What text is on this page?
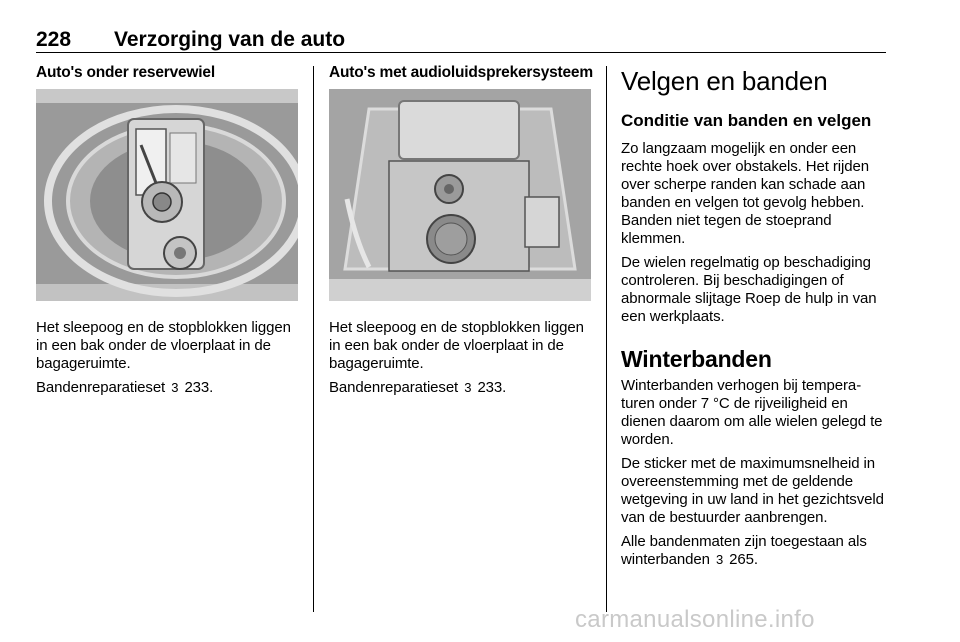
228 Verzorging van de auto
Auto's onder reservewiel

Het sleepoog en de stopblokken liggen in een bak onder de vloerplaat in de bagageruimte.

Bandenreparatieset 3 233.

Auto's met audioluidsprekersysteem

Het sleepoog en de stopblokken liggen in een bak onder de vloerplaat in de bagageruimte.

Bandenreparatieset 3 233.

Velgen en banden
Conditie van banden en velgen

Zo langzaam mogelijk en onder een rechte hoek over obstakels. Het rijden over scherpe randen kan schade aan banden en velgen tot gevolg hebben. Banden niet tegen de stoeprand klemmen.

De wielen regelmatig op beschadiging controleren. Bij beschadigingen of abnormale slijtage Roep de hulp in van een werkplaats.

Winterbanden

Winterbanden verhogen bij temperaturen onder 7 °C de rijveiligheid en dienen daarom om alle wielen gelegd te worden.

De sticker met de maximumsnelheid in overeenstemming met de geldende wetgeving in uw land in het gezichtsveld van de bestuurder aanbrengen.

Alle bandenmaten zijn toegestaan als winterbanden 3 265.

carmanualsonline.info
